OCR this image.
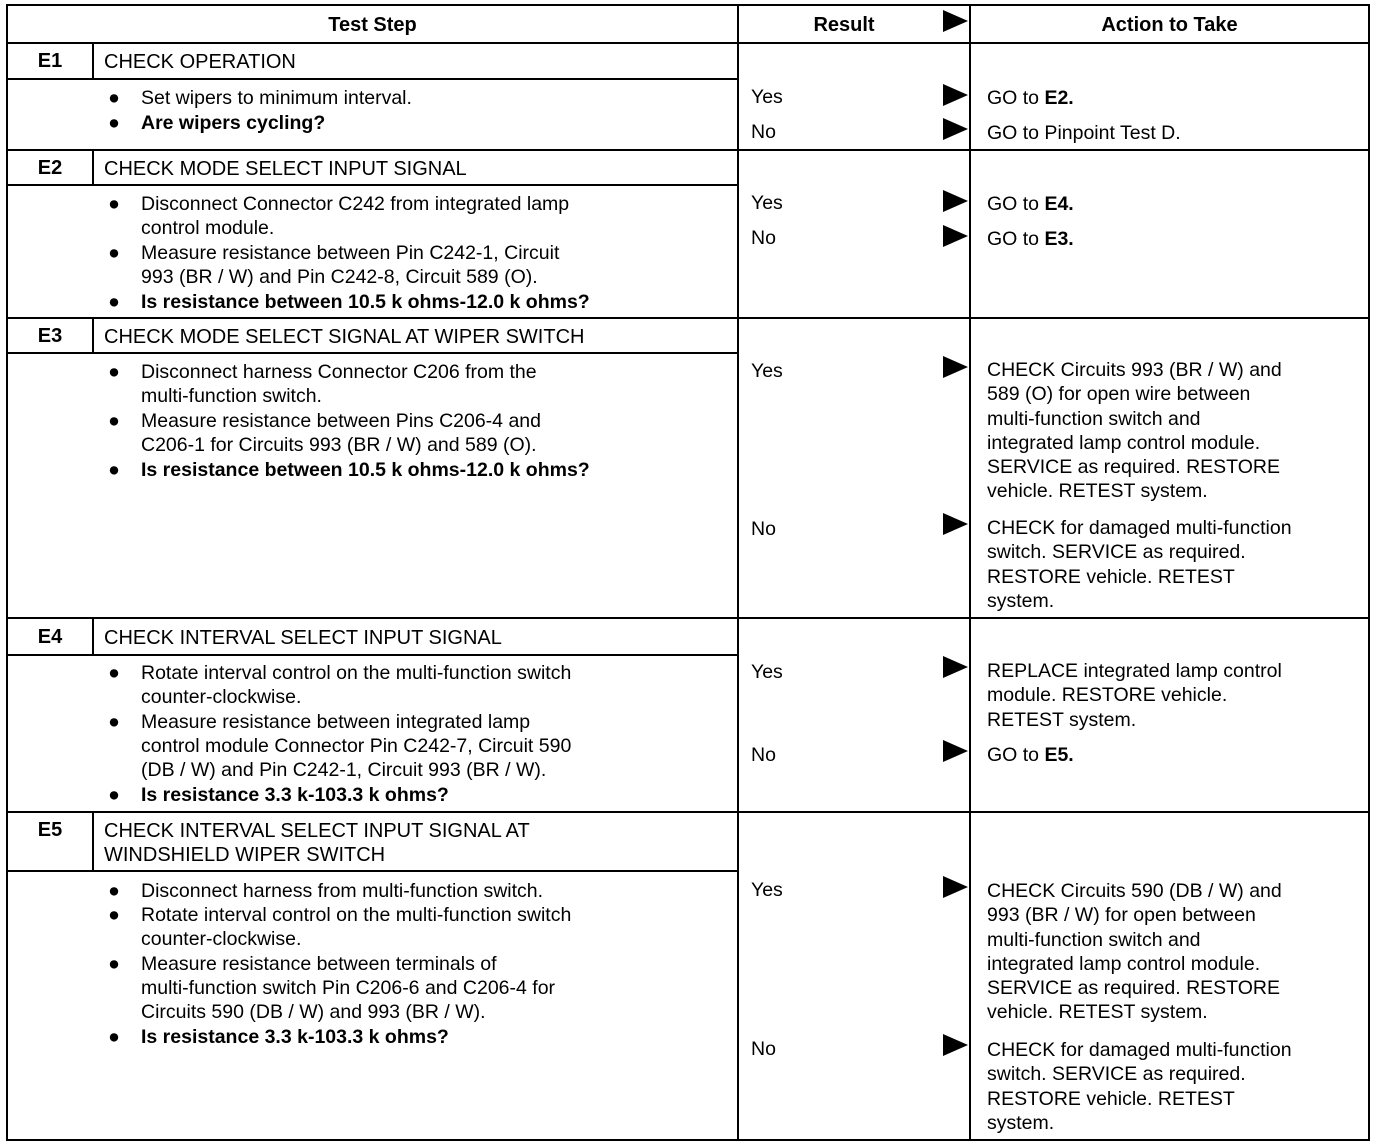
Test Step	Result	Action to Take
E1	CHECK OPERATION
● Set wipers to minimum interval.
● Are wipers cycling?
Yes	GO to E2.
No	GO to Pinpoint Test D.
E2	CHECK MODE SELECT INPUT SIGNAL
● Disconnect Connector C242 from integrated lamp
control module.
● Measure resistance between Pin C242-1, Circuit
993 (BR / W) and Pin C242-8, Circuit 589 (O).
● Is resistance between 10.5 k ohms-12.0 k ohms?
Yes	GO to E4.
No	GO to E3.
E3	CHECK MODE SELECT SIGNAL AT WIPER SWITCH
● Disconnect harness Connector C206 from the
multi-function switch.
● Measure resistance between Pins C206-4 and
C206-1 for Circuits 993 (BR / W) and 589 (O).
● Is resistance between 10.5 k ohms-12.0 k ohms?
Yes	CHECK Circuits 993 (BR / W) and
589 (O) for open wire between
multi-function switch and
integrated lamp control module.
SERVICE as required. RESTORE
vehicle. RETEST system.
No	CHECK for damaged multi-function
switch. SERVICE as required.
RESTORE vehicle. RETEST
system.
E4	CHECK INTERVAL SELECT INPUT SIGNAL
● Rotate interval control on the multi-function switch
counter-clockwise.
● Measure resistance between integrated lamp
control module Connector Pin C242-7, Circuit 590
(DB / W) and Pin C242-1, Circuit 993 (BR / W).
● Is resistance 3.3 k-103.3 k ohms?
Yes	REPLACE integrated lamp control
module. RESTORE vehicle.
RETEST system.
No	GO to E5.
E5	CHECK INTERVAL SELECT INPUT SIGNAL AT
WINDSHIELD WIPER SWITCH
● Disconnect harness from multi-function switch.
● Rotate interval control on the multi-function switch
counter-clockwise.
● Measure resistance between terminals of
multi-function switch Pin C206-6 and C206-4 for
Circuits 590 (DB / W) and 993 (BR / W).
● Is resistance 3.3 k-103.3 k ohms?
Yes	CHECK Circuits 590 (DB / W) and
993 (BR / W) for open between
multi-function switch and
integrated lamp control module.
SERVICE as required. RESTORE
vehicle. RETEST system.
No	CHECK for damaged multi-function
switch. SERVICE as required.
RESTORE vehicle. RETEST
system.
